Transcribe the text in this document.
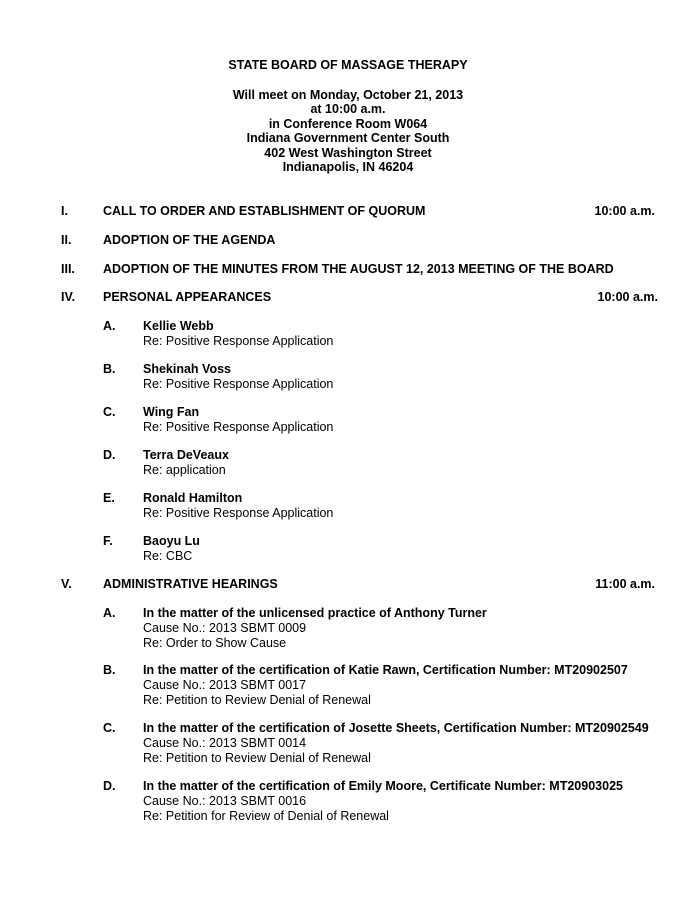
STATE BOARD OF MASSAGE THERAPY
Will meet on Monday, October 21, 2013
at 10:00 a.m.
in Conference Room W064
Indiana Government Center South
402 West Washington Street
Indianapolis, IN 46204
I.	CALL TO ORDER AND ESTABLISHMENT OF QUORUM	10:00 a.m.
II.	ADOPTION OF THE AGENDA
III. ADOPTION OF THE MINUTES FROM THE AUGUST 12, 2013 MEETING OF THE BOARD
IV. PERSONAL APPEARANCES	10:00 a.m.
A. Kellie Webb
Re: Positive Response Application
B. Shekinah Voss
Re: Positive Response Application
C. Wing Fan
Re: Positive Response Application
D. Terra DeVeaux
Re: application
E. Ronald Hamilton
Re: Positive Response Application
F. Baoyu Lu
Re: CBC
V.	ADMINISTRATIVE HEARINGS	11:00 a.m.
A. In the matter of the unlicensed practice of Anthony Turner
Cause No.: 2013 SBMT 0009
Re: Order to Show Cause
B. In the matter of the certification of Katie Rawn, Certification Number: MT20902507
Cause No.: 2013 SBMT 0017
Re: Petition to Review Denial of Renewal
C. In the matter of the certification of Josette Sheets, Certification Number: MT20902549
Cause No.: 2013 SBMT 0014
Re: Petition to Review Denial of Renewal
D. In the matter of the certification of Emily Moore, Certificate Number: MT20903025
Cause No.: 2013 SBMT 0016
Re: Petition for Review of Denial of Renewal
